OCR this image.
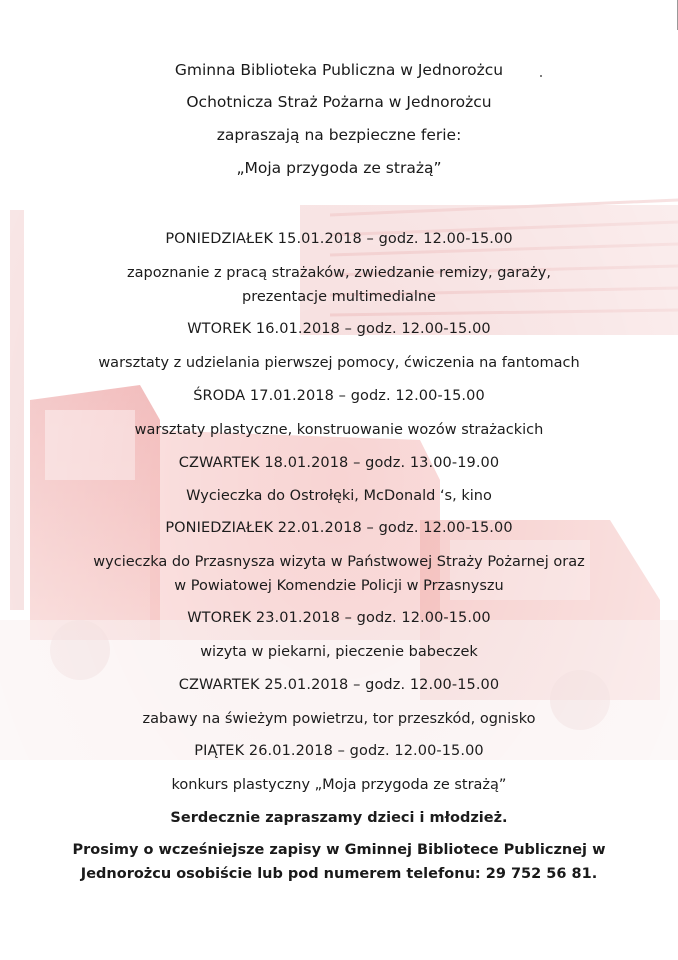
Gminna Biblioteka Publiczna w Jednorożcu
Ochotnicza Straż Pożarna w Jednorożcu
zapraszają na bezpieczne ferie:
„Moja przygoda ze strażą”
PONIEDZIAŁEK 15.01.2018 – godz. 12.00-15.00
zapoznanie z pracą strażaków, zwiedzanie remizy, garaży,
prezentacje multimedialne
WTOREK 16.01.2018 – godz. 12.00-15.00
warsztaty z udzielania pierwszej pomocy, ćwiczenia na fantomach
ŚRODA 17.01.2018 – godz. 12.00-15.00
warsztaty plastyczne, konstruowanie wozów strażackich
CZWARTEK 18.01.2018 – godz. 13.00-19.00
Wycieczka do Ostrołęki, McDonald ‘s, kino
PONIEDZIAŁEK 22.01.2018 – godz. 12.00-15.00
wycieczka do Przasnysza wizyta w Państwowej Straży Pożarnej oraz
w Powiatowej Komendzie Policji w Przasnyszu
WTOREK 23.01.2018 – godz. 12.00-15.00
wizyta w piekarni, pieczenie babeczek
CZWARTEK 25.01.2018 – godz. 12.00-15.00
zabawy na świeżym powietrzu, tor przeszkód, ognisko
PIĄTEK 26.01.2018 – godz. 12.00-15.00
konkurs plastyczny „Moja przygoda ze strażą”
Serdecznie zapraszamy dzieci i młodzież.
Prosimy o wcześniejsze zapisy w Gminnej Bibliotece Publicznej w
Jednorożcu osobiście lub pod numerem telefonu: 29 752 56 81.
